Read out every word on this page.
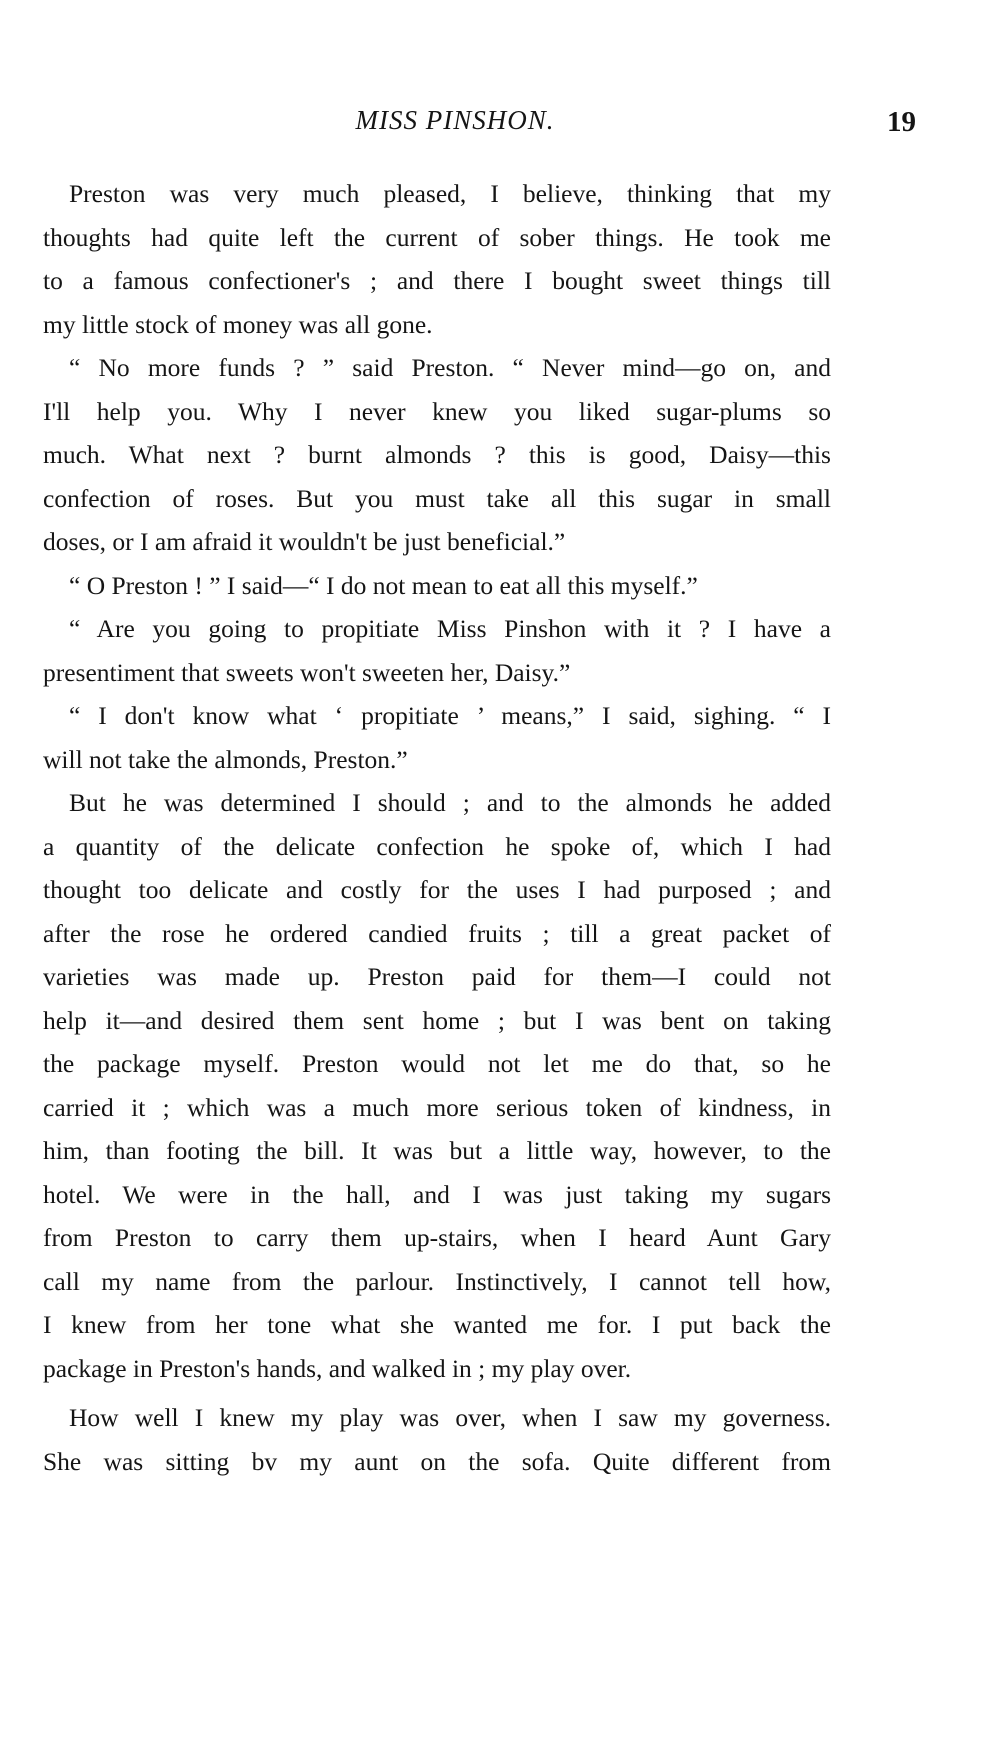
MISS PINSHON.	19
Preston was very much pleased, I believe, thinking that my
thoughts had quite left the current of sober things. He took me
to a famous confectioner's ; and there I bought sweet things till
my little stock of money was all gone.
“ No more funds ? ” said Preston. “ Never mind—go on, and
I'll help you. Why I never knew you liked sugar-plums so
much. What next ? burnt almonds ? this is good, Daisy—this
confection of roses. But you must take all this sugar in small
doses, or I am afraid it wouldn't be just beneficial.”
“ O Preston ! ” I said—“ I do not mean to eat all this myself.”
“ Are you going to propitiate Miss Pinshon with it ? I have a
presentiment that sweets won't sweeten her, Daisy.”
“ I don't know what ‘ propitiate ’ means,” I said, sighing. “ I
will not take the almonds, Preston.”
But he was determined I should ; and to the almonds he added
a quantity of the delicate confection he spoke of, which I had
thought too delicate and costly for the uses I had purposed ; and
after the rose he ordered candied fruits ; till a great packet of
varieties was made up. Preston paid for them—I could not
help it—and desired them sent home ; but I was bent on taking
the package myself. Preston would not let me do that, so he
carried it ; which was a much more serious token of kindness, in
him, than footing the bill. It was but a little way, however, to the
hotel. We were in the hall, and I was just taking my sugars
from Preston to carry them up-stairs, when I heard Aunt Gary
call my name from the parlour. Instinctively, I cannot tell how,
I knew from her tone what she wanted me for. I put back the
package in Preston's hands, and walked in ; my play over.
How well I knew my play was over, when I saw my governess.
She was sitting bv my aunt on the sofa. Quite different from
